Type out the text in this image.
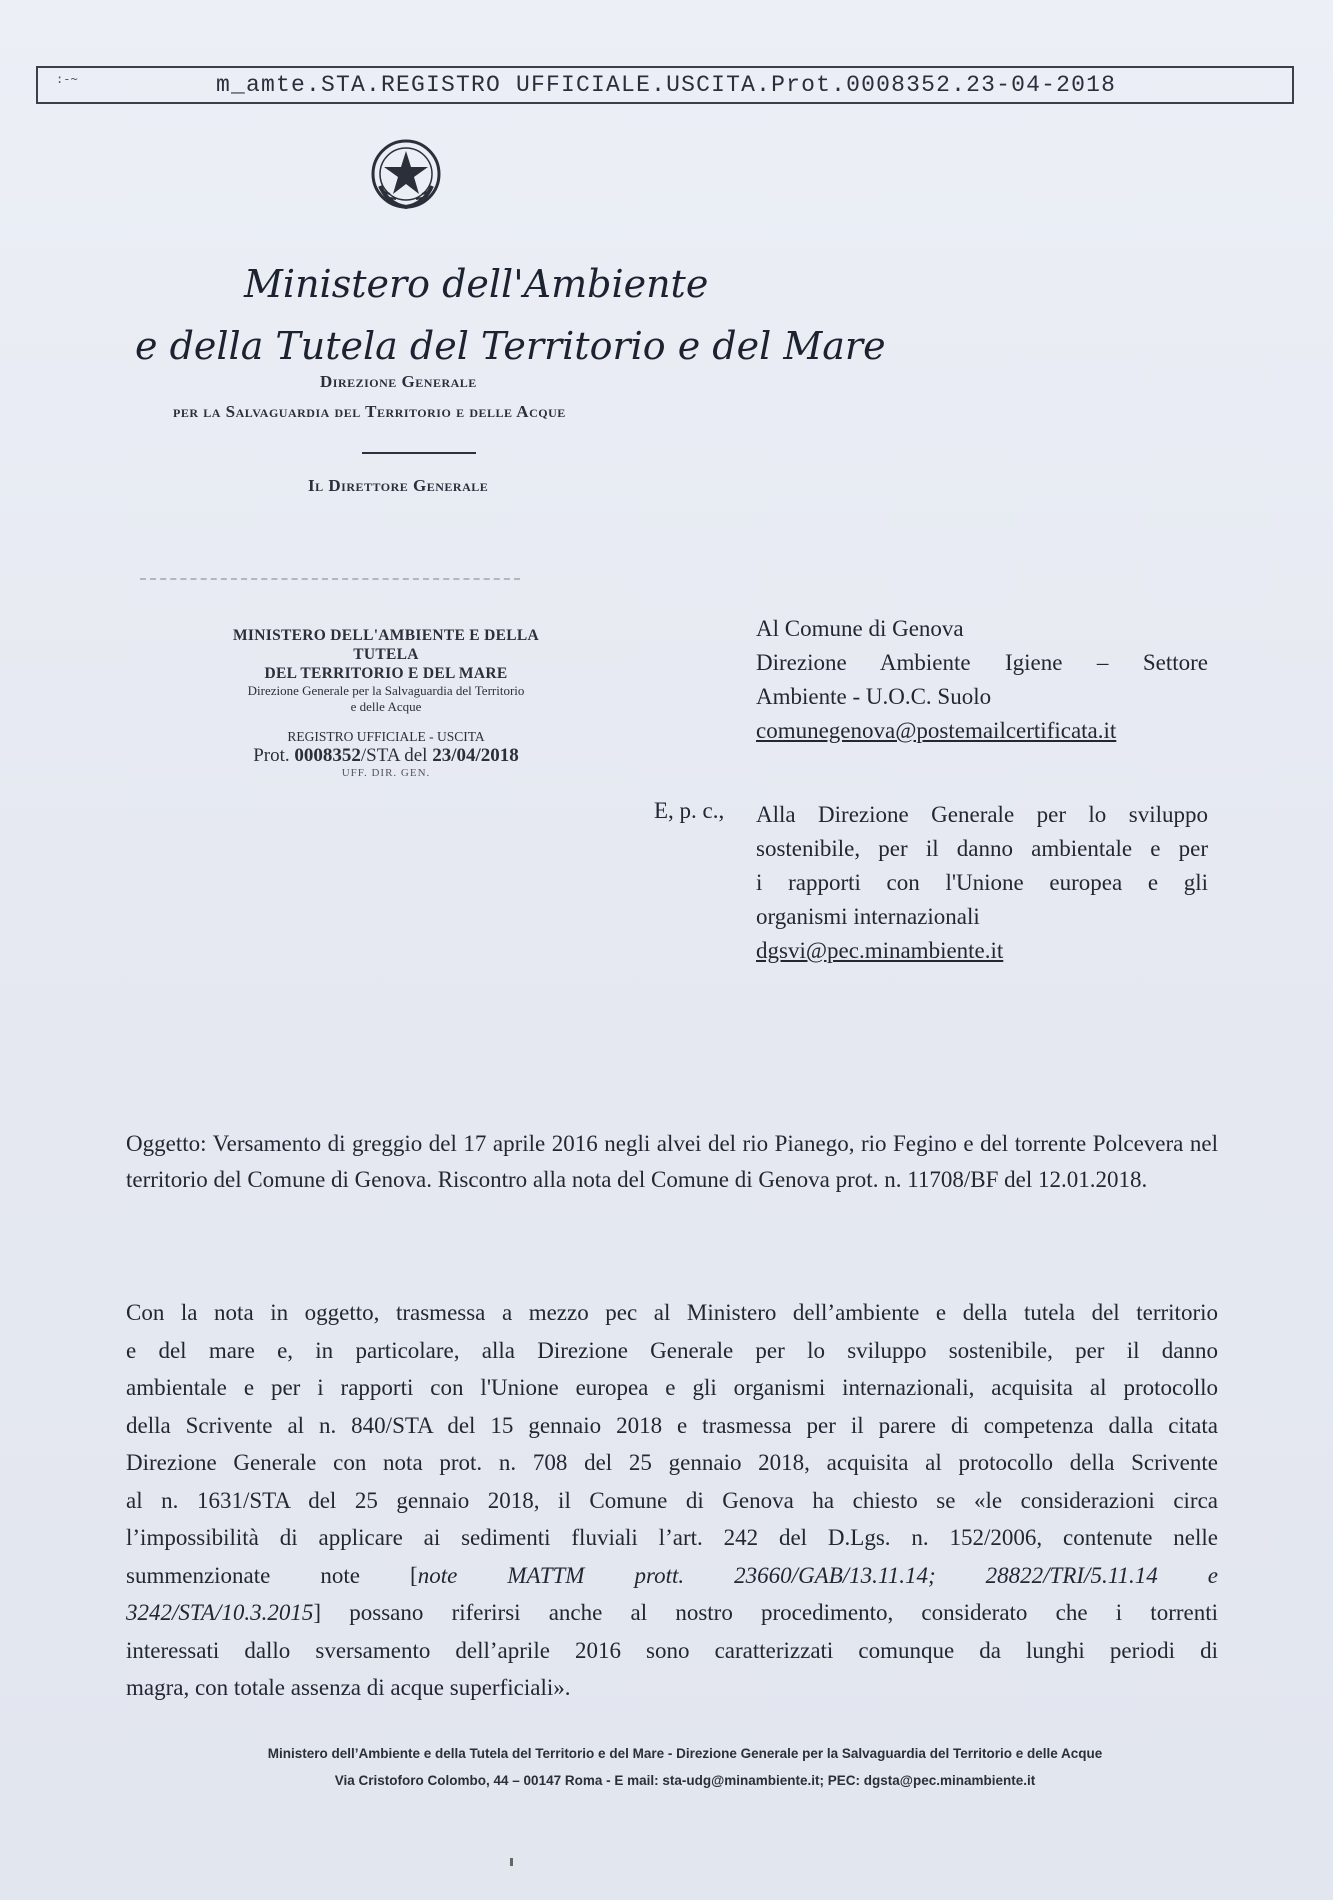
:-~	m_amte.STA.REGISTRO UFFICIALE.USCITA.Prot.0008352.23-04-2018
Ministero dell'Ambiente
e della Tutela del Territorio e del Mare
Direzione Generale
per la Salvaguardia del Territorio e delle Acque
Il Direttore Generale
MINISTERO DELL'AMBIENTE E DELLA
TUTELA
DEL TERRITORIO E DEL MARE
Direzione Generale per la Salvaguardia del Territorio
e delle Acque
REGISTRO UFFICIALE - USCITA
Prot. 0008352/STA del 23/04/2018
UFF. DIR. GEN.
Al Comune di Genova
Direzione Ambiente Igiene – Settore
Ambiente - U.O.C. Suolo
comunegenova@postemailcertificata.it
E, p. c., Alla Direzione Generale per lo sviluppo
sostenibile, per il danno ambientale e per
i rapporti con l'Unione europea e gli
organismi internazionali
dgsvi@pec.minambiente.it
Oggetto: Versamento di greggio del 17 aprile 2016 negli alvei del rio Pianego, rio Fegino e del torrente Polcevera nel territorio del Comune di Genova. Riscontro alla nota del Comune di Genova prot. n. 11708/BF del 12.01.2018.
Con la nota in oggetto, trasmessa a mezzo pec al Ministero dell’ambiente e della tutela del territorio
e del mare e, in particolare, alla Direzione Generale per lo sviluppo sostenibile, per il danno
ambientale e per i rapporti con l'Unione europea e gli organismi internazionali, acquisita al protocollo
della Scrivente al n. 840/STA del 15 gennaio 2018 e trasmessa per il parere di competenza dalla citata
Direzione Generale con nota prot. n. 708 del 25 gennaio 2018, acquisita al protocollo della Scrivente
al n. 1631/STA del 25 gennaio 2018, il Comune di Genova ha chiesto se «le considerazioni circa
l’impossibilità di applicare ai sedimenti fluviali l’art. 242 del D.Lgs. n. 152/2006, contenute nelle
summenzionate note [note MATTM prott. 23660/GAB/13.11.14; 28822/TRI/5.11.14 e
3242/STA/10.3.2015] possano riferirsi anche al nostro procedimento, considerato che i torrenti
interessati dallo sversamento dell’aprile 2016 sono caratterizzati comunque da lunghi periodi di
magra, con totale assenza di acque superficiali».
Ministero dell’Ambiente e della Tutela del Territorio e del Mare - Direzione Generale per la Salvaguardia del Territorio e delle Acque
Via Cristoforo Colombo, 44 – 00147 Roma - E mail: sta-udg@minambiente.it; PEC: dgsta@pec.minambiente.it
